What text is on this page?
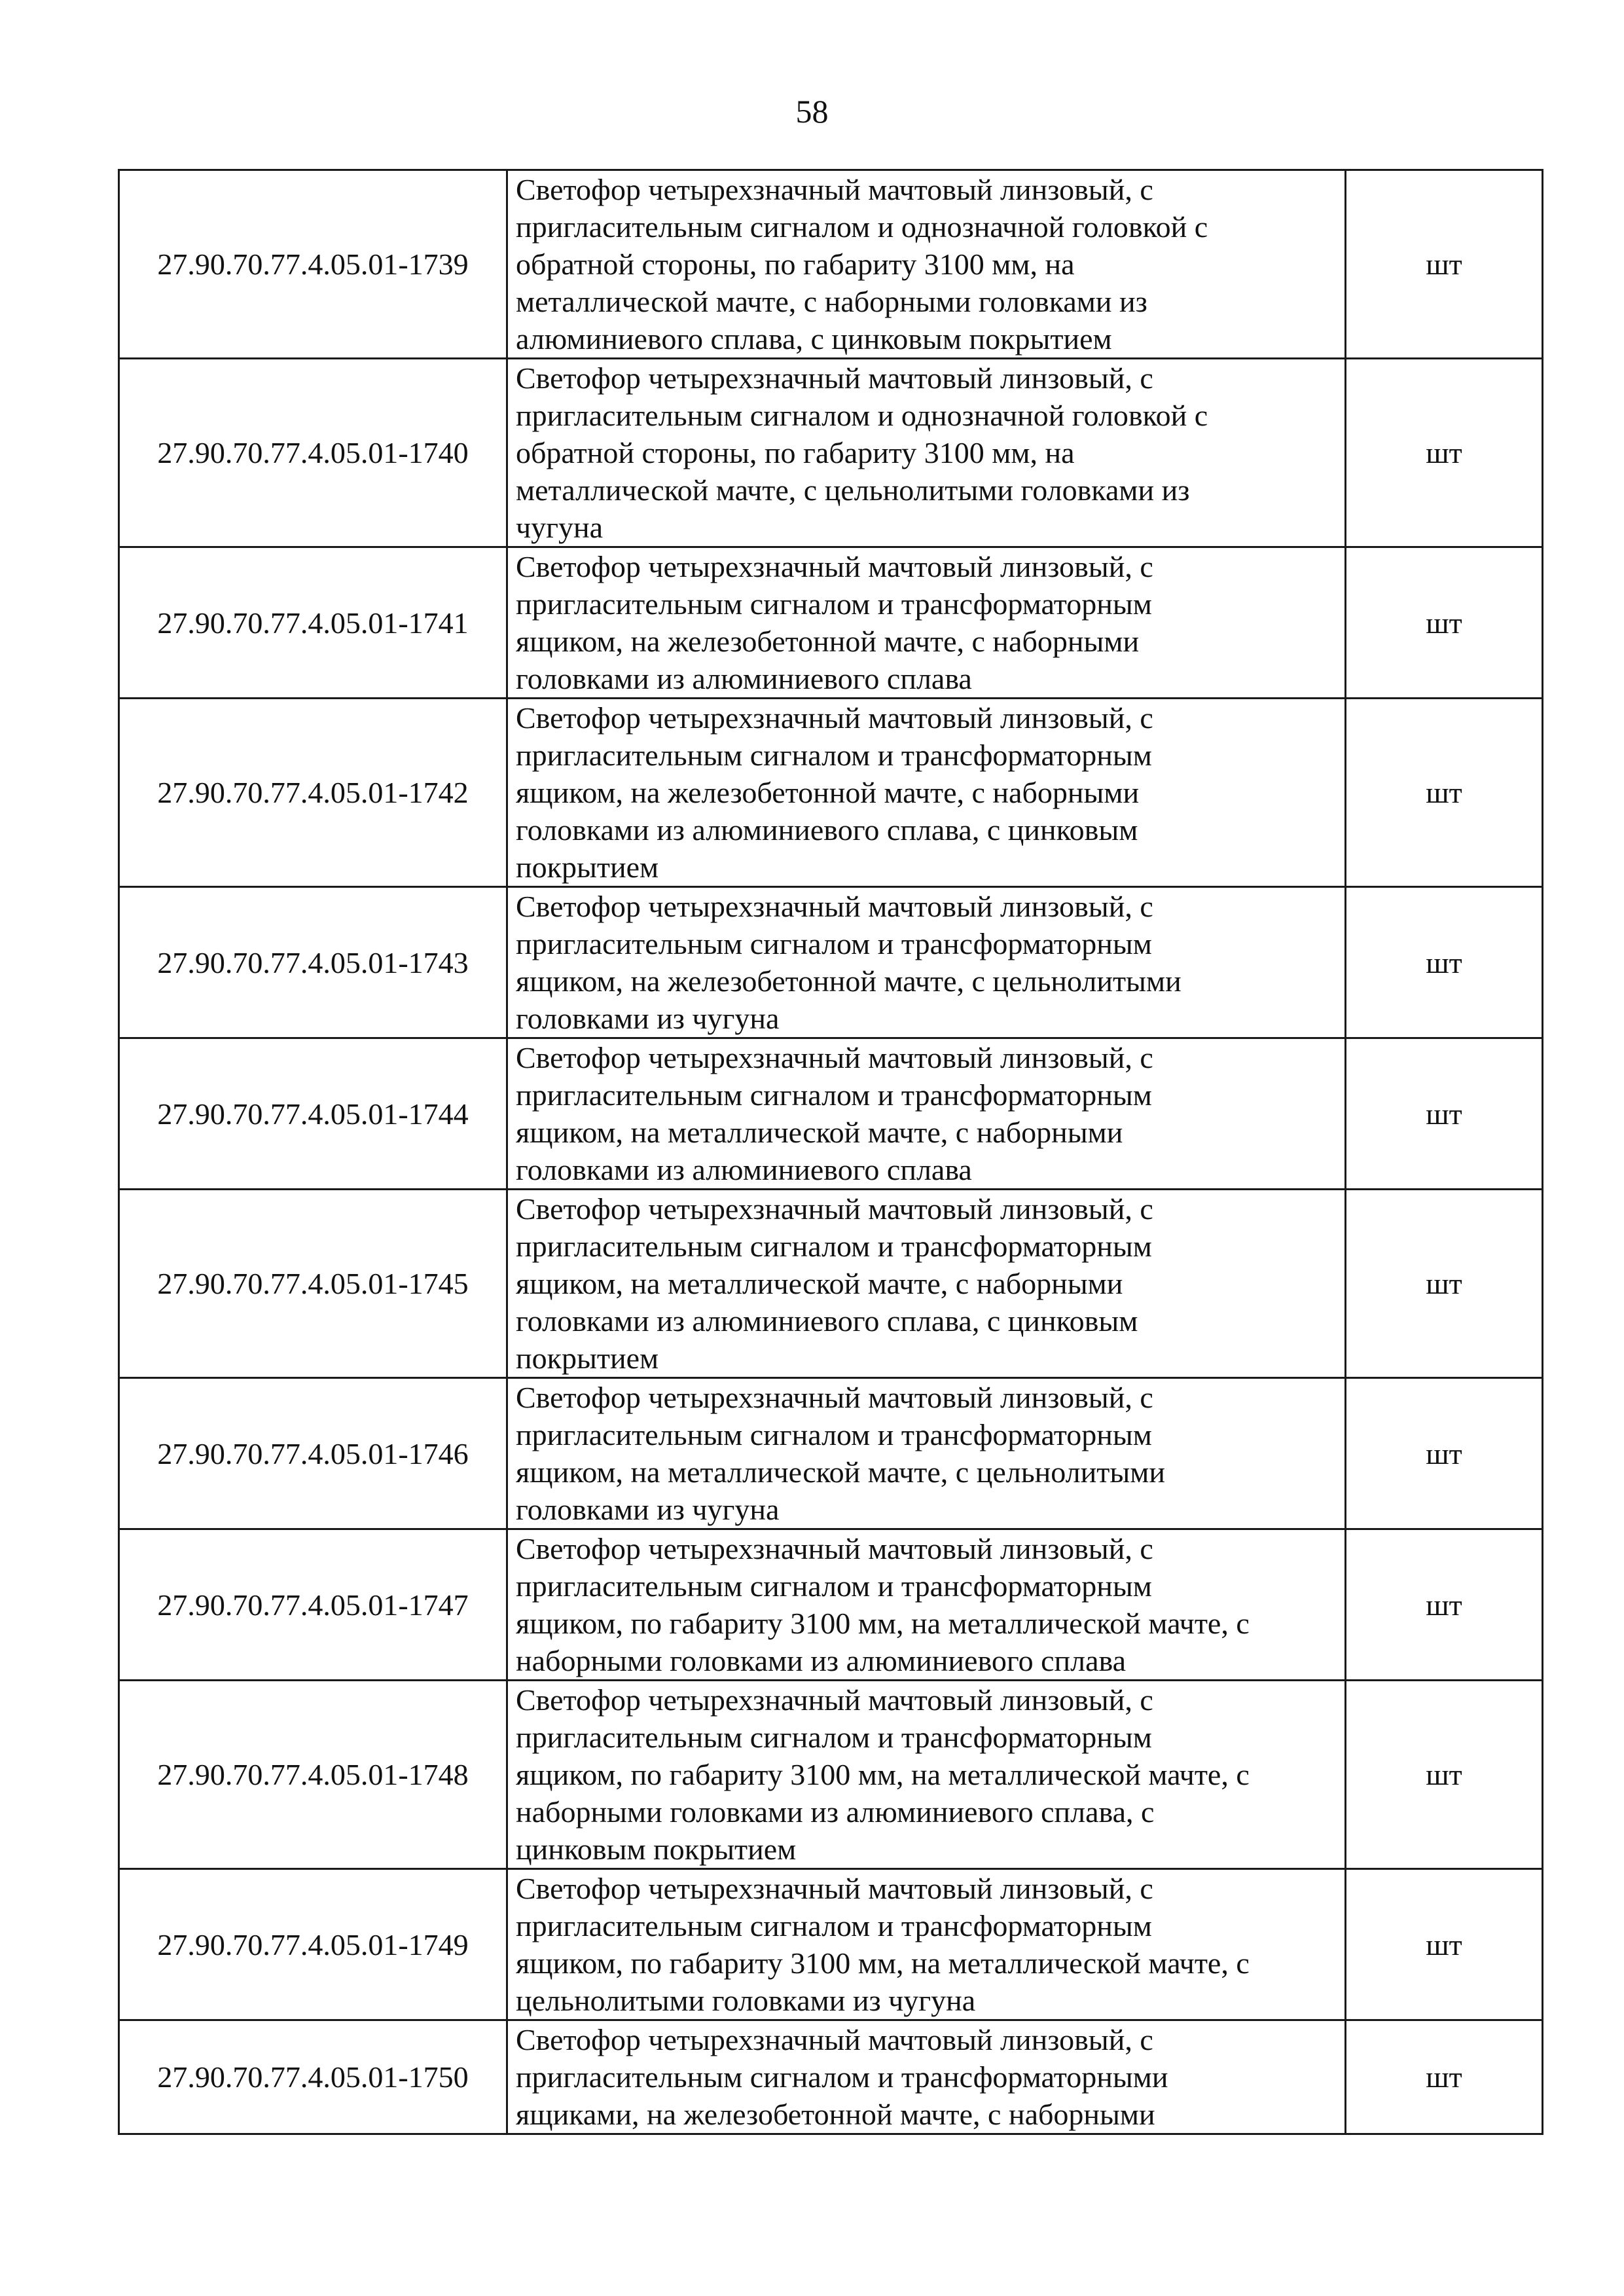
58
27.90.70.77.4.05.01-1739	Светофор четырехзначный мачтовый линзовый, с
пригласительным сигналом и однозначной головкой с
обратной стороны, по габариту 3100 мм, на
металлической мачте, с наборными головками из
алюминиевого сплава, с цинковым покрытием	шт
27.90.70.77.4.05.01-1740	Светофор четырехзначный мачтовый линзовый, с
пригласительным сигналом и однозначной головкой с
обратной стороны, по габариту 3100 мм, на
металлической мачте, с цельнолитыми головками из
чугуна	шт
27.90.70.77.4.05.01-1741	Светофор четырехзначный мачтовый линзовый, с
пригласительным сигналом и трансформаторным
ящиком, на железобетонной мачте, с наборными
головками из алюминиевого сплава	шт
27.90.70.77.4.05.01-1742	Светофор четырехзначный мачтовый линзовый, с
пригласительным сигналом и трансформаторным
ящиком, на железобетонной мачте, с наборными
головками из алюминиевого сплава, с цинковым
покрытием	шт
27.90.70.77.4.05.01-1743	Светофор четырехзначный мачтовый линзовый, с
пригласительным сигналом и трансформаторным
ящиком, на железобетонной мачте, с цельнолитыми
головками из чугуна	шт
27.90.70.77.4.05.01-1744	Светофор четырехзначный мачтовый линзовый, с
пригласительным сигналом и трансформаторным
ящиком, на металлической мачте, с наборными
головками из алюминиевого сплава	шт
27.90.70.77.4.05.01-1745	Светофор четырехзначный мачтовый линзовый, с
пригласительным сигналом и трансформаторным
ящиком, на металлической мачте, с наборными
головками из алюминиевого сплава, с цинковым
покрытием	шт
27.90.70.77.4.05.01-1746	Светофор четырехзначный мачтовый линзовый, с
пригласительным сигналом и трансформаторным
ящиком, на металлической мачте, с цельнолитыми
головками из чугуна	шт
27.90.70.77.4.05.01-1747	Светофор четырехзначный мачтовый линзовый, с
пригласительным сигналом и трансформаторным
ящиком, по габариту 3100 мм, на металлической мачте, с
наборными головками из алюминиевого сплава	шт
27.90.70.77.4.05.01-1748	Светофор четырехзначный мачтовый линзовый, с
пригласительным сигналом и трансформаторным
ящиком, по габариту 3100 мм, на металлической мачте, с
наборными головками из алюминиевого сплава, с
цинковым покрытием	шт
27.90.70.77.4.05.01-1749	Светофор четырехзначный мачтовый линзовый, с
пригласительным сигналом и трансформаторным
ящиком, по габариту 3100 мм, на металлической мачте, с
цельнолитыми головками из чугуна	шт
27.90.70.77.4.05.01-1750	Светофор четырехзначный мачтовый линзовый, с
пригласительным сигналом и трансформаторными
ящиками, на железобетонной мачте, с наборными	шт
